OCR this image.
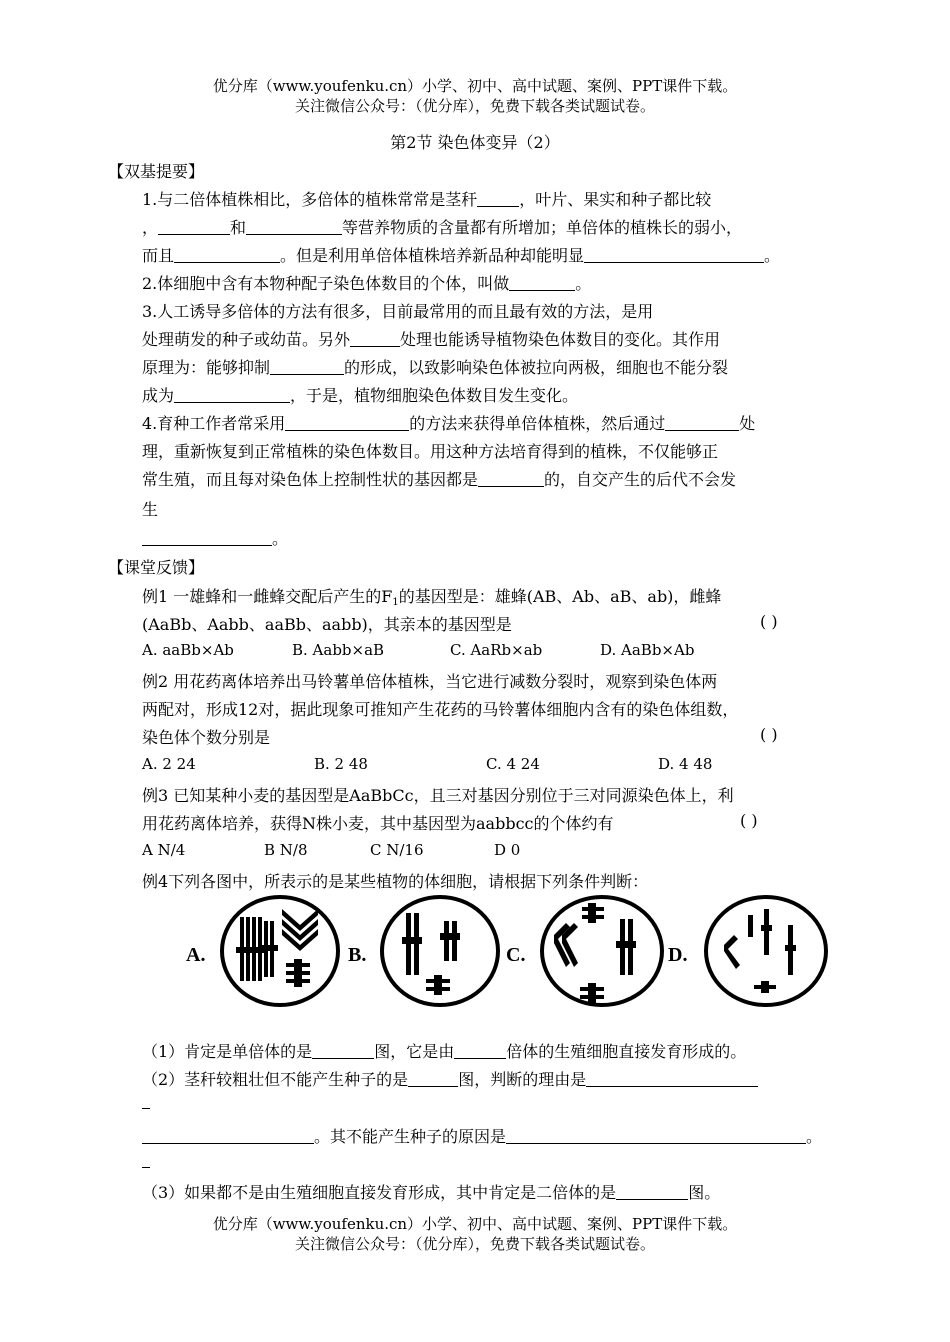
优分库（www.youfenku.cn）小学、初中、高中试题、案例、PPT课件下载。
关注微信公众号：（优分库），免费下载各类试题试卷。
第2节 染色体变异（2）
【双基提要】
1.与二倍体植株相比，多倍体的植株常常是茎秆	，叶片、果实和种子都比较
，	和	等营养物质的含量都有所增加；单倍体的植株长的弱小，
而且	。但是利用单倍体植株培养新品种却能明显	。
2.体细胞中含有本物种配子染色体数目的个体，叫做	。
3.人工诱导多倍体的方法有很多，目前最常用的而且最有效的方法，是用
处理萌发的种子或幼苗。另外	处理也能诱导植物染色体数目的变化。其作用
原理为：能够抑制	的形成，以致影响染色体被拉向两极，细胞也不能分裂
成为	，于是，植物细胞染色体数目发生变化。
4.育种工作者常采用	的方法来获得单倍体植株，然后通过	处
理，重新恢复到正常植株的染色体数目。用这种方法培育得到的植株，不仅能够正
常生殖，而且每对染色体上控制性状的基因都是	的，自交产生的后代不会发
生
。
【课堂反馈】
例1 一雄蜂和一雌蜂交配后产生的$F_1$的基因型是：雄蜂(AB、Ab、aB、ab)，雌蜂
(AaBb、Aabb、aaBb、aabb)，其亲本的基因型是	( )
A. aaBb×Ab	B. Aabb×aB	C. AaRb×ab	D. AaBb×Ab
例2 用花药离体培养出马铃薯单倍体植株，当它进行减数分裂时，观察到染色体两
两配对，形成12对，据此现象可推知产生花药的马铃薯体细胞内含有的染色体组数，
染色体个数分别是	( )
A. 2 24	B. 2 48	C. 4 24	D. 4 48
例3 已知某种小麦的基因型是AaBbCc，且三对基因分别位于三对同源染色体上，利
用花药离体培养，获得N株小麦，其中基因型为aabbcc的个体约有	( )
A N/4	B N/8	C N/16	D 0
例4下列各图中，所表示的是某些植物的体细胞，请根据下列条件判断：
A.	B.	C.	D.
（1）肯定是单倍体的是	图，它是由	倍体的生殖细胞直接发育形成的。
（2）茎秆较粗壮但不能产生种子的是	图，判断的理由是
。其不能产生种子的原因是	。
（3）如果都不是由生殖细胞直接发育形成，其中肯定是二倍体的是	图。
优分库（www.youfenku.cn）小学、初中、高中试题、案例、PPT课件下载。
关注微信公众号：（优分库），免费下载各类试题试卷。
